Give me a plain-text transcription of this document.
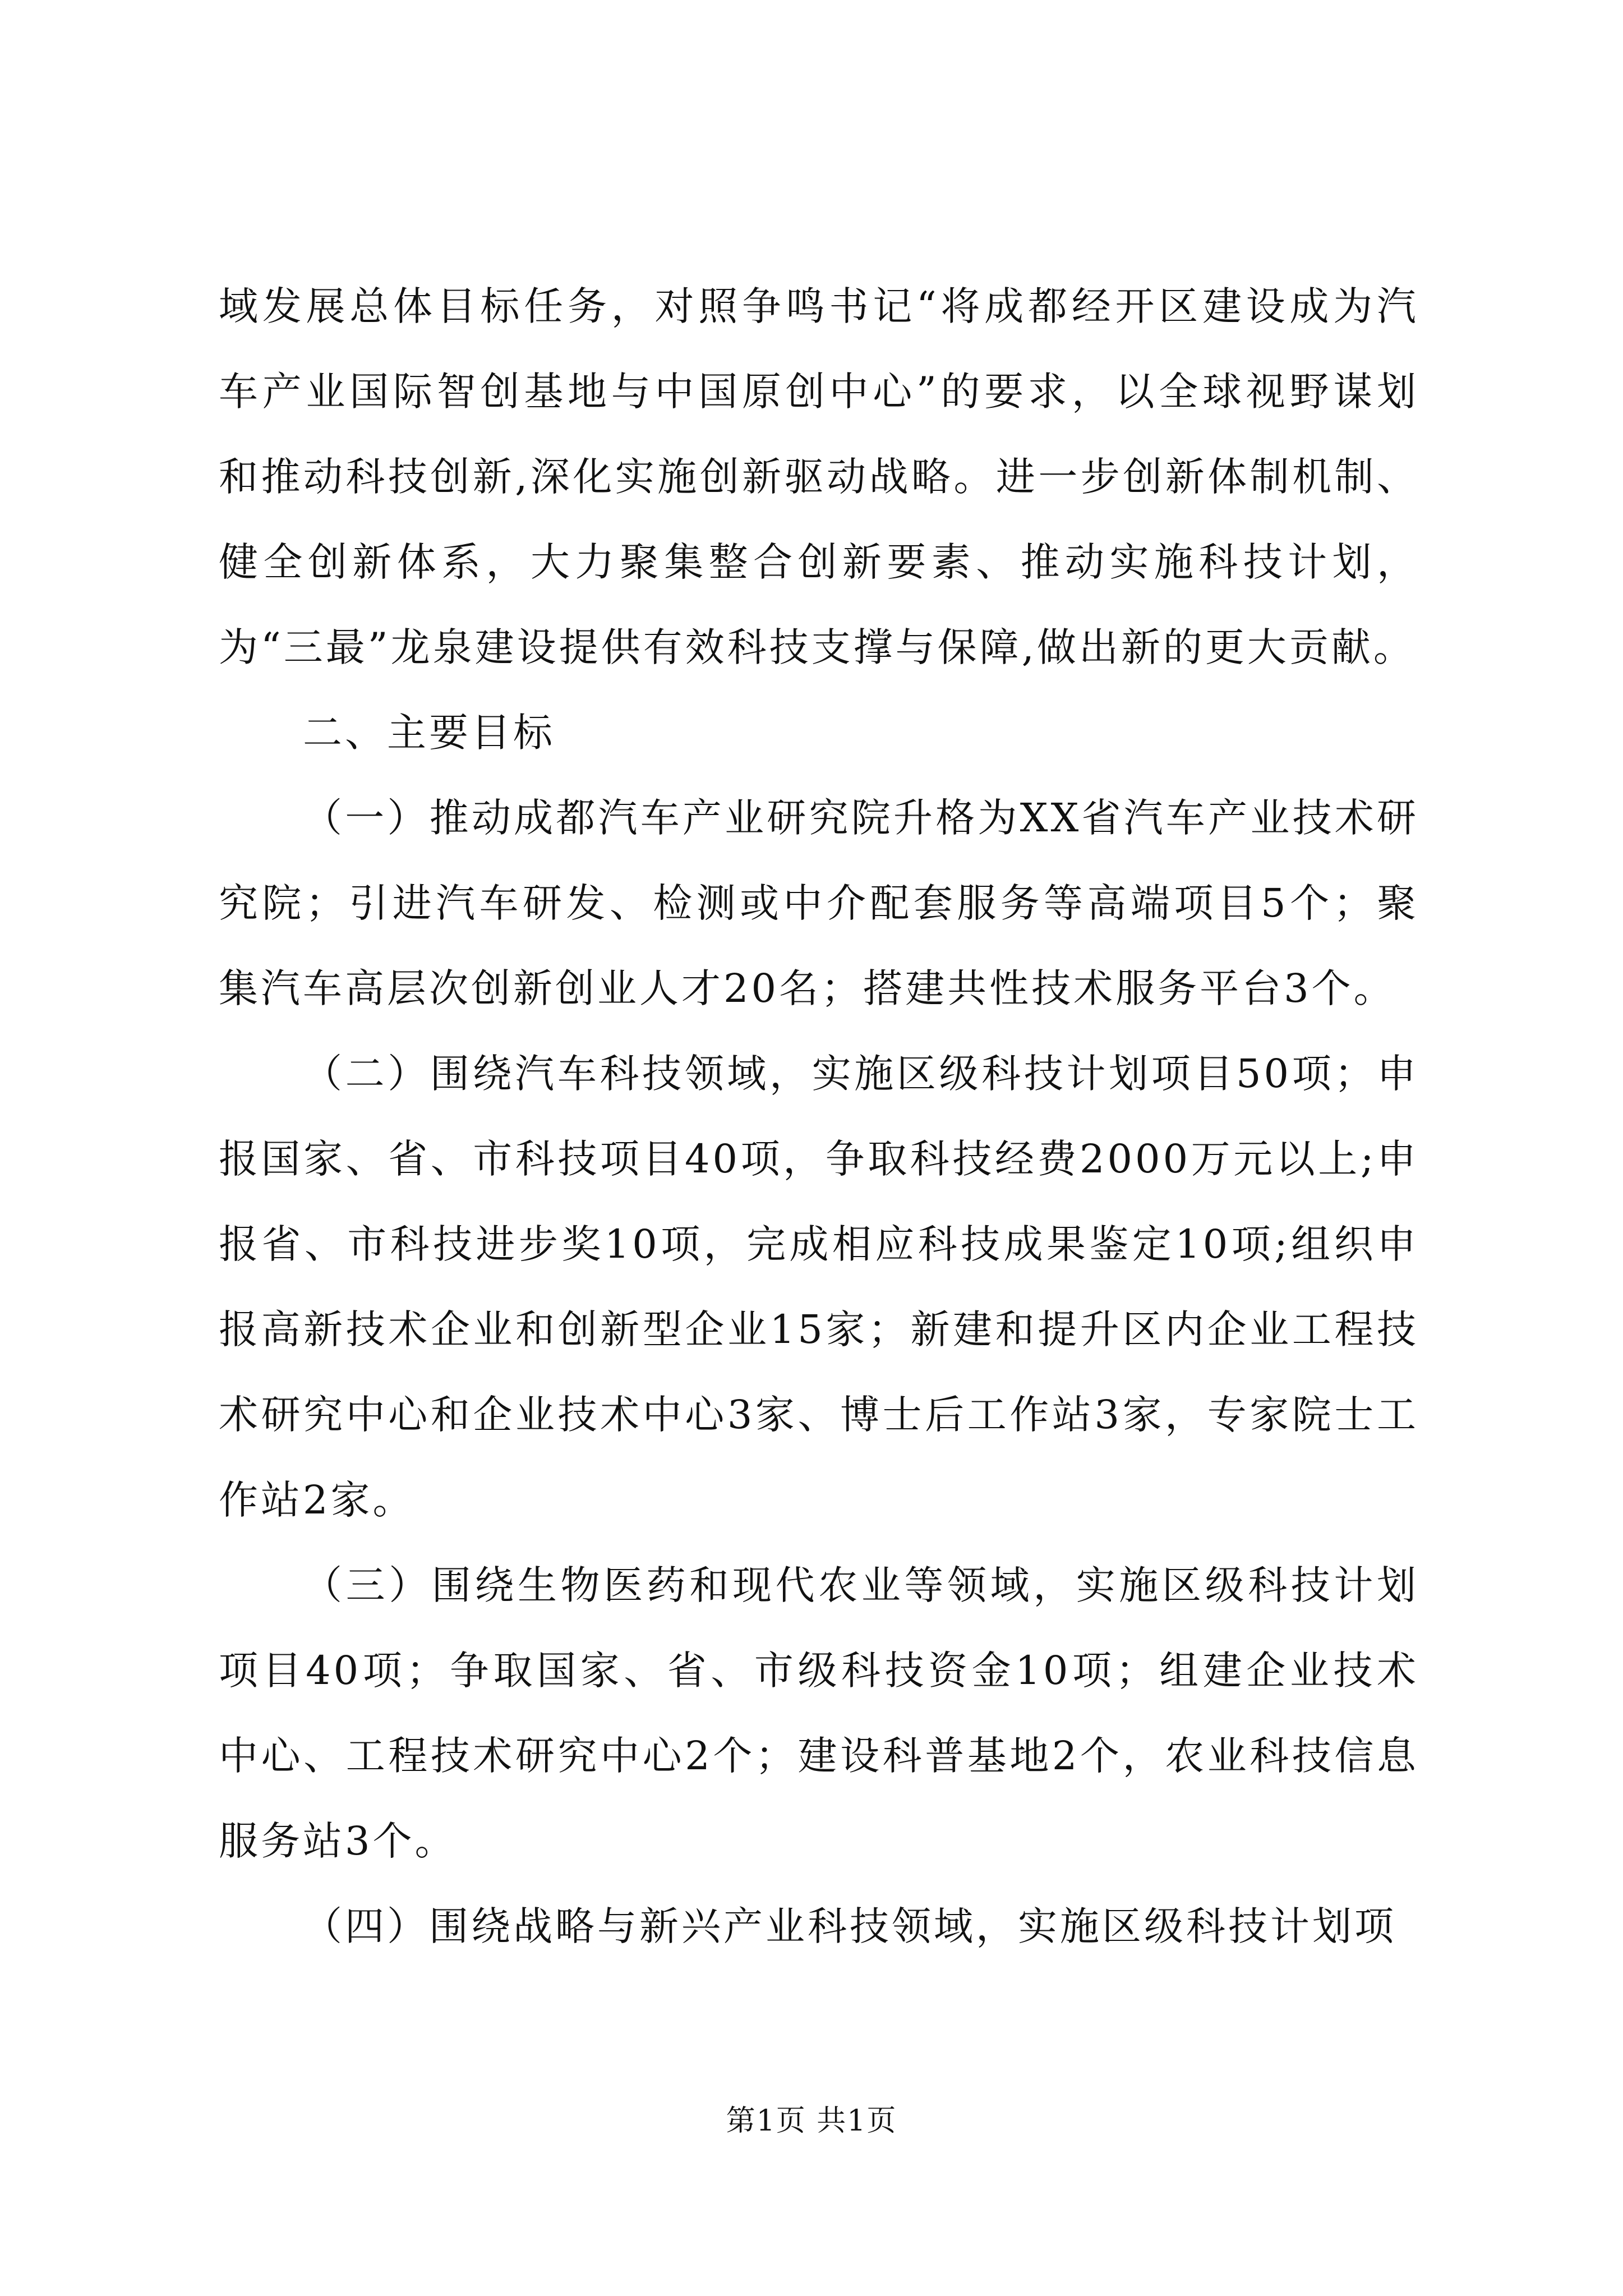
域发展总体目标任务，对照争鸣书记“将成都经开区建设成为汽车产业国际智创基地与中国原创中心”的要求，以全球视野谋划和推动科技创新,深化实施创新驱动战略。进一步创新体制机制、健全创新体系，大力聚集整合创新要素、推动实施科技计划，为“三最”龙泉建设提供有效科技支撑与保障,做出新的更大贡献。

二、主要目标

（一）推动成都汽车产业研究院升格为XX省汽车产业技术研究院；引进汽车研发、检测或中介配套服务等高端项目5个；聚集汽车高层次创新创业人才20名；搭建共性技术服务平台3个。

（二）围绕汽车科技领域，实施区级科技计划项目50项；申报国家、省、市科技项目40项，争取科技经费2000万元以上;申报省、市科技进步奖10项，完成相应科技成果鉴定10项;组织申报高新技术企业和创新型企业15家；新建和提升区内企业工程技术研究中心和企业技术中心3家、博士后工作站3家，专家院士工作站2家。

（三）围绕生物医药和现代农业等领域，实施区级科技计划项目40项；争取国家、省、市级科技资金10项；组建企业技术中心、工程技术研究中心2个；建设科普基地2个，农业科技信息服务站3个。

（四）围绕战略与新兴产业科技领域，实施区级科技计划项

第1页 共1页
